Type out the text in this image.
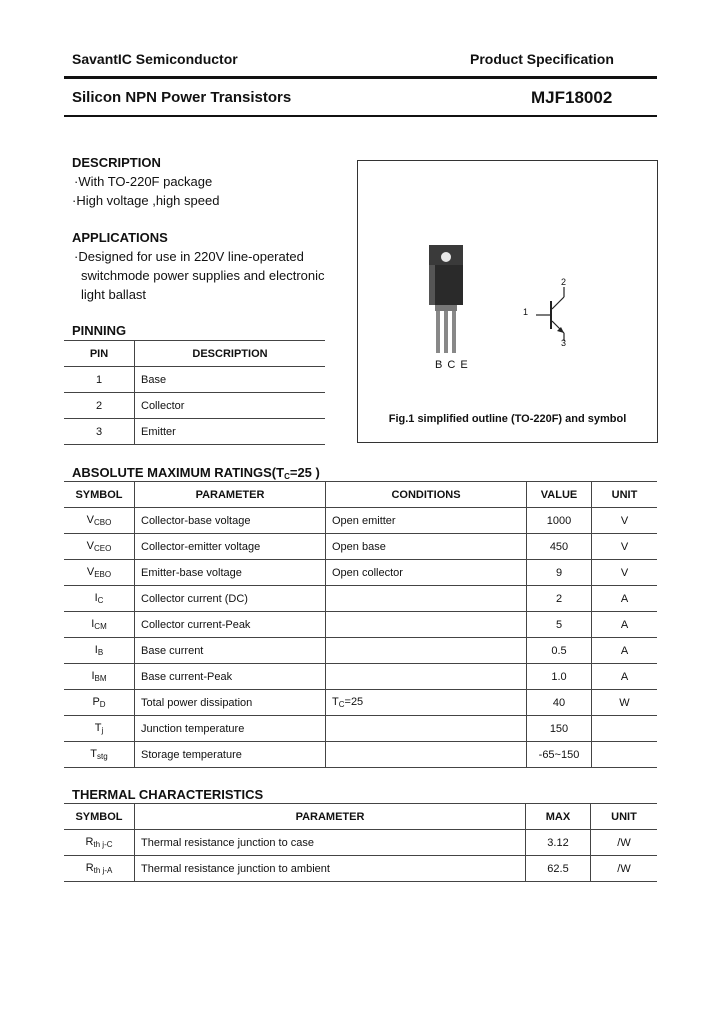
SavantIC Semiconductor	Product Specification
Silicon NPN Power Transistors	MJF18002
DESCRIPTION
·With TO-220F package
·High voltage ,high speed
APPLICATIONS
·Designed for use in 220V line-operated
switchmode power supplies and electronic
light ballast
PINNING
PIN	DESCRIPTION
1	Base
2	Collector
3	Emitter
B C E
1
2
3
Fig.1 simplified outline (TO-220F) and symbol
ABSOLUTE MAXIMUM $RATINGS(T_C=25$ )
SYMBOL	PARAMETER	CONDITIONS	VALUE	UNIT
$V_{CBO}$	Collector-base voltage	Open emitter	1000	V
$V_{CEO}$	Collector-emitter voltage	Open base	450	V
$V_{EBO}$	Emitter-base voltage	Open collector	9	V
$I_C$	Collector current (DC)		2	A
$I_{CM}$	Collector current-Peak		5	A
$I_B$	Base current		0.5	A
$I_{BM}$	Base current-Peak		1.0	A
$P_D$	Total power dissipation	$T_C=25$	40	W
$T_j$	Junction temperature		150	
$T_{stg}$	Storage temperature		-65~150	
THERMAL CHARACTERISTICS
SYMBOL	PARAMETER	MAX	UNIT
$R_{th j-C}$	Thermal resistance junction to case	3.12	/W
$R_{th j-A}$	Thermal resistance junction to ambient	62.5	/W
